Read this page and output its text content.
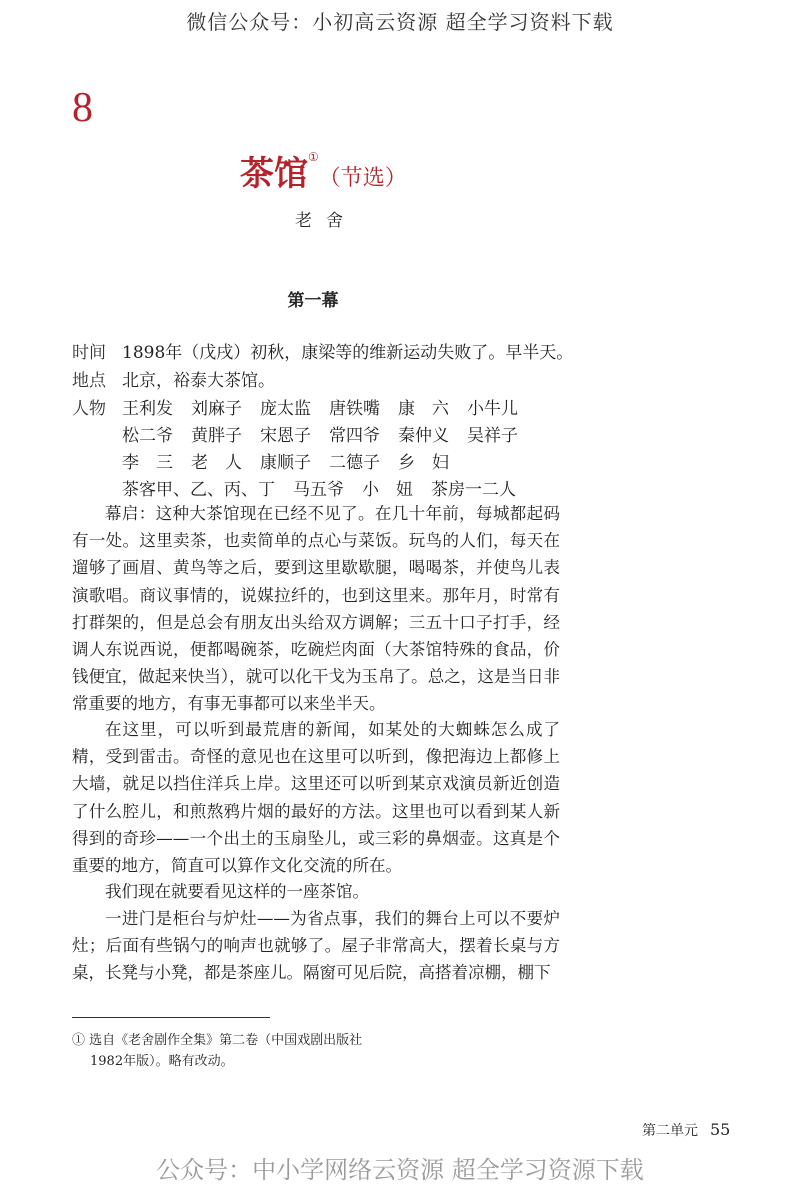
微信公众号：小初高云资源 超全学习资料下载
8
茶馆①（节选）
老舍
第一幕
时间 1898年（戊戌）初秋，康梁等的维新运动失败了。早半天。
地点 北京，裕泰大茶馆。
人物 王利发 刘麻子 庞太监 唐铁嘴 康　六 小牛儿
松二爷 黄胖子 宋恩子 常四爷 秦仲义 吴祥子
李　三 老　人 康顺子 二德子 乡　妇
茶客甲、乙、丙、丁 马五爷 小　妞 茶房一二人

幕启：这种大茶馆现在已经不见了。在几十年前，每城都起码有一处。这里卖茶，也卖简单的点心与菜饭。玩鸟的人们，每天在遛够了画眉、黄鸟等之后，要到这里歇歇腿，喝喝茶，并使鸟儿表演歌唱。商议事情的，说媒拉纤的，也到这里来。那年月，时常有打群架的，但是总会有朋友出头给双方调解；三五十口子打手，经调人东说西说，便都喝碗茶，吃碗烂肉面（大茶馆特殊的食品，价钱便宜，做起来快当），就可以化干戈为玉帛了。总之，这是当日非常重要的地方，有事无事都可以来坐半天。

在这里，可以听到最荒唐的新闻，如某处的大蜘蛛怎么成了精，受到雷击。奇怪的意见也在这里可以听到，像把海边上都修上大墙，就足以挡住洋兵上岸。这里还可以听到某京戏演员新近创造了什么腔儿，和煎熬鸦片烟的最好的方法。这里也可以看到某人新得到的奇珍——一个出土的玉扇坠儿，或三彩的鼻烟壶。这真是个重要的地方，简直可以算作文化交流的所在。

我们现在就要看见这样的一座茶馆。

一进门是柜台与炉灶——为省点事，我们的舞台上可以不要炉灶；后面有些锅勺的响声也就够了。屋子非常高大，摆着长桌与方桌，长凳与小凳，都是茶座儿。隔窗可见后院，高搭着凉棚，棚下

① 选自《老舍剧作全集》第二卷（中国戏剧出版社
1982年版）。略有改动。
第二单元 55
公众号：中小学网络云资源 超全学习资源下载
